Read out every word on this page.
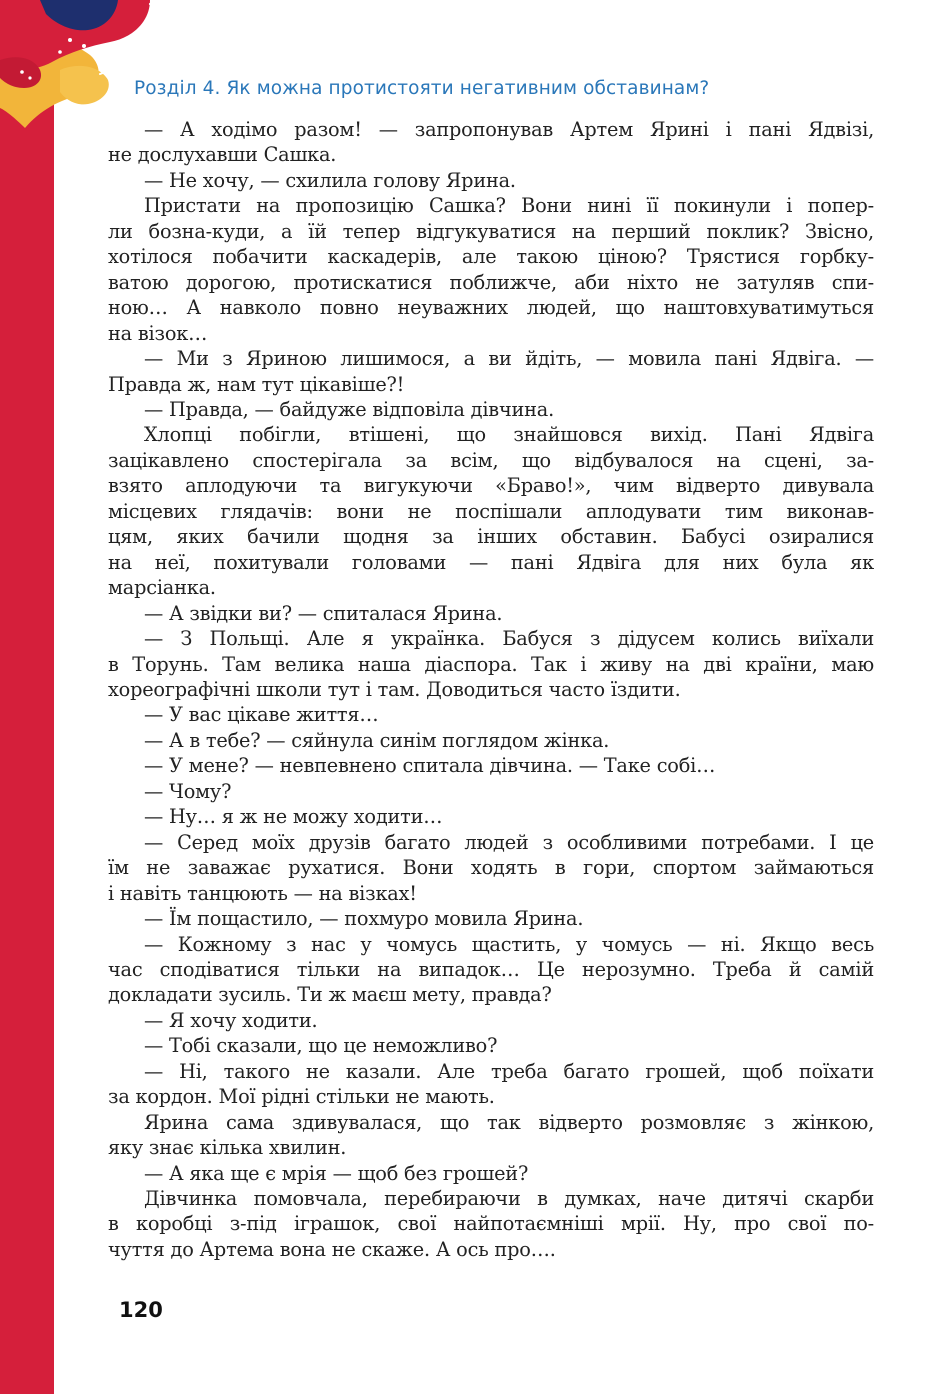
Розділ 4. Як можна протистояти негативним обставинам?

— А ходімо разом! — запропонував Артем Ярині і пані Ядвізі,

не дослухавши Сашка.

— Не хочу, — схилила голову Ярина.

Пристати на пропозицію Сашка? Вони нині її покинули і попер-

ли бозна-куди, а їй тепер відгукуватися на перший поклик? Звісно,

хотілося побачити каскадерів, але такою ціною? Трястися горбку-

ватою дорогою, протискатися поближче, аби ніхто не затуляв спи-

ною… А навколо повно неуважних людей, що наштовхуватимуться

на візок…

— Ми з Яриною лишимося, а ви йдіть, — мовила пані Ядвіга. —

Правда ж, нам тут цікавіше?!

— Правда, — байдуже відповіла дівчина.

Хлопці побігли, втішені, що знайшовся вихід. Пані Ядвіга

зацікавлено спостерігала за всім, що відбувалося на сцені, за-

взято аплодуючи та вигукуючи «Браво!», чим відверто дивувала

місцевих глядачів: вони не поспішали аплодувати тим виконав-

цям, яких бачили щодня за інших обставин. Бабусі озиралися

на неї, похитували головами — пані Ядвіга для них була як

марсіанка.

— А звідки ви? — спиталася Ярина.

— З Польщі. Але я українка. Бабуся з дідусем колись виїхали

в Торунь. Там велика наша діаспора. Так і живу на дві країни, маю

хореографічні школи тут і там. Доводиться часто їздити.

— У вас цікаве життя…

— А в тебе? — сяйнула синім поглядом жінка.

— У мене? — невпевнено спитала дівчина. — Таке собі…

— Чому?

— Ну… я ж не можу ходити…

— Серед моїх друзів багато людей з особливими потребами. І це

їм не заважає рухатися. Вони ходять в гори, спортом займаються

і навіть танцюють — на візках!

— Їм пощастило, — похмуро мовила Ярина.

— Кожному з нас у чомусь щастить, у чомусь — ні. Якщо весь

час сподіватися тільки на випадок… Це нерозумно. Треба й самій

докладати зусиль. Ти ж маєш мету, правда?

— Я хочу ходити.

— Тобі сказали, що це неможливо?

— Ні, такого не казали. Але треба багато грошей, щоб поїхати

за кордон. Мої рідні стільки не мають.

Ярина сама здивувалася, що так відверто розмовляє з жінкою,

яку знає кілька хвилин.

— А яка ще є мрія — щоб без грошей?

Дівчинка помовчала, перебираючи в думках, наче дитячі скарби

в коробці з-під іграшок, свої найпотаємніші мрії. Ну, про свої по-

чуття до Артема вона не скаже. А ось про….

120
